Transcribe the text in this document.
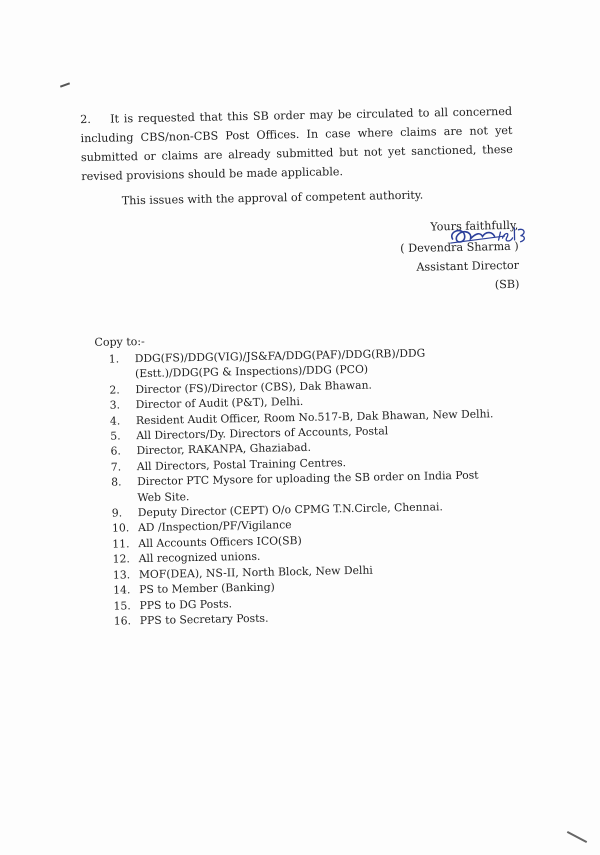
2. It is requested that this SB order may be circulated to all concerned including CBS/non-CBS Post Offices. In case where claims are not yet submitted or claims are already submitted but not yet sanctioned, these revised provisions should be made applicable.
This issues with the approval of competent authority.
Yours faithfully,
( Devendra Sharma )
Assistant Director (SB)
Copy to:-
1.	DDG(FS)/DDG(VIG)/JS&FA/DDG(PAF)/DDG(RB)/DDG (Estt.)/DDG(PG & Inspections)/DDG (PCO)
2.	Director (FS)/Director (CBS), Dak Bhawan.
3.	Director of Audit (P&T), Delhi.
4.	Resident Audit Officer, Room No.517-B, Dak Bhawan, New Delhi.
5.	All Directors/Dy. Directors of Accounts, Postal
6.	Director, RAKANPA, Ghaziabad.
7.	All Directors, Postal Training Centres.
8.	Director PTC Mysore for uploading the SB order on India Post Web Site.
9.	Deputy Director (CEPT) O/o CPMG T.N.Circle, Chennai.
10. AD /Inspection/PF/Vigilance
11. All Accounts Officers ICO(SB)
12. All recognized unions.
13. MOF(DEA), NS-II, North Block, New Delhi
14. PS to Member (Banking)
15. PPS to DG Posts.
16. PPS to Secretary Posts.
